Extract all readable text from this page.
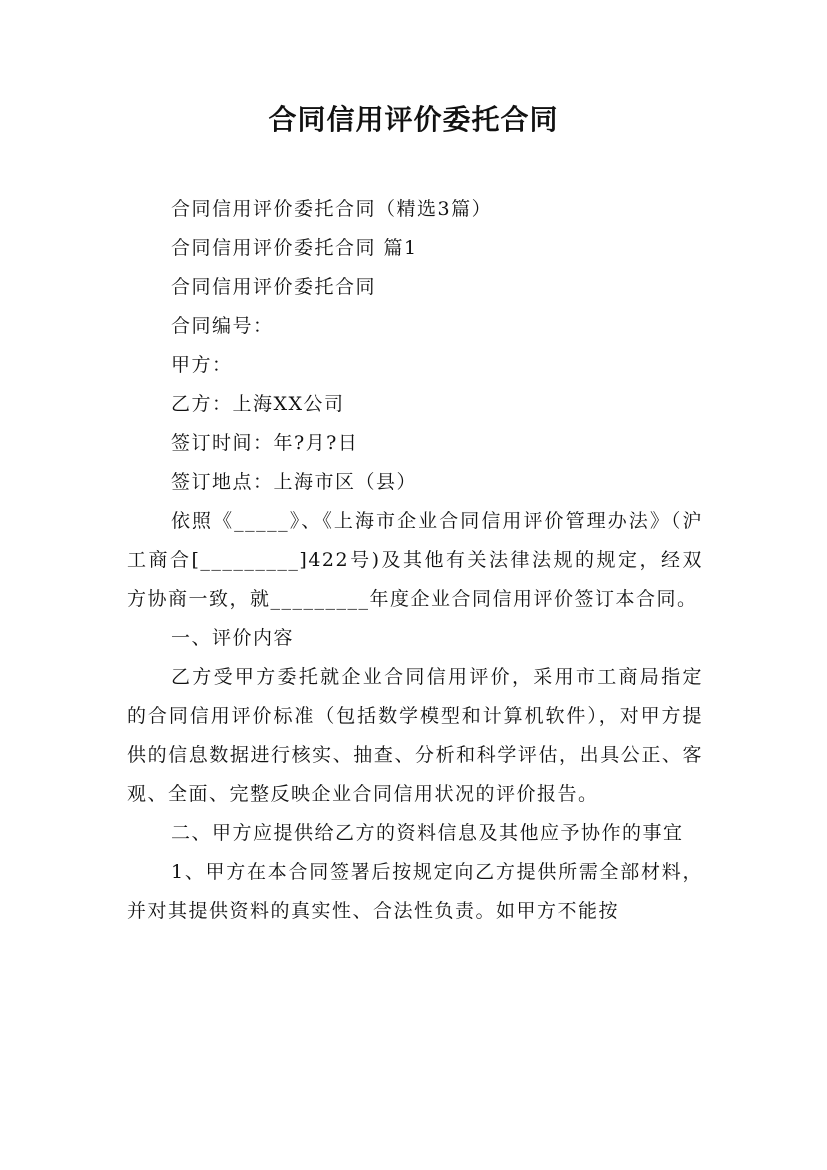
合同信用评价委托合同

合同信用评价委托合同（精选3篇）

合同信用评价委托合同 篇1

合同信用评价委托合同

合同编号：

甲方：

乙方：上海XX公司

签订时间：年?月?日

签订地点：上海市区（县）

依照《_____》、《上海市企业合同信用评价管理办法》（沪工商合[_________]422号)及其他有关法律法规的规定，经双方协商一致，就_________年度企业合同信用评价签订本合同。

一、评价内容

乙方受甲方委托就企业合同信用评价，采用市工商局指定的合同信用评价标准（包括数学模型和计算机软件），对甲方提供的信息数据进行核实、抽查、分析和科学评估，出具公正、客观、全面、完整反映企业合同信用状况的评价报告。

二、甲方应提供给乙方的资料信息及其他应予协作的事宜

1、甲方在本合同签署后按规定向乙方提供所需全部材料，并对其提供资料的真实性、合法性负责。如甲方不能按
